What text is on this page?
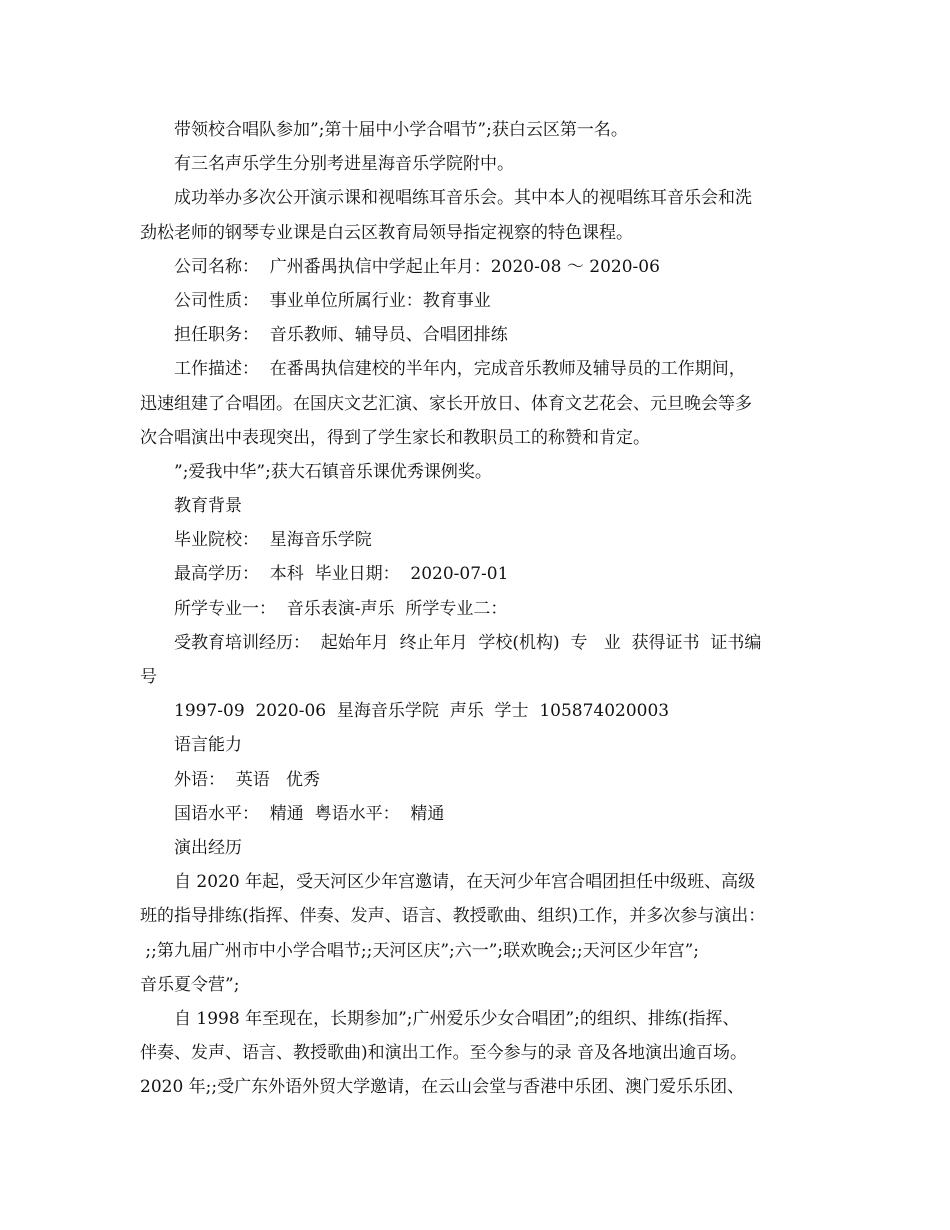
带领校合唱队参加”;第十届中小学合唱节”;获白云区第一名。
有三名声乐学生分别考进星海音乐学院附中。
成功举办多次公开演示课和视唱练耳音乐会。其中本人的视唱练耳音乐会和洗
劲松老师的钢琴专业课是白云区教育局领导指定视察的特色课程。
公司名称：  广州番禺执信中学起止年月：2020-08 ～ 2020-06
公司性质：  事业单位所属行业：教育事业
担任职务：  音乐教师、辅导员、合唱团排练
工作描述：  在番禺执信建校的半年内，完成音乐教师及辅导员的工作期间，
迅速组建了合唱团。在国庆文艺汇演、家长开放日、体育文艺花会、元旦晚会等多
次合唱演出中表现突出，得到了学生家长和教职员工的称赞和肯定。
”;爱我中华”;获大石镇音乐课优秀课例奖。
教育背景
毕业院校：  星海音乐学院
最高学历：  本科  毕业日期：  2020-07-01
所学专业一：  音乐表演-声乐  所学专业二：
受教育培训经历：  起始年月  终止年月  学校(机构)  专   业  获得证书  证书编
号
1997-09  2020-06  星海音乐学院  声乐  学士  105874020003
语言能力
外语：  英语   优秀
国语水平：  精通  粤语水平：  精通
演出经历
自 2020 年起，受天河区少年宫邀请，在天河少年宫合唱团担任中级班、高级
班的指导排练(指挥、伴奏、发声、语言、教授歌曲、组织)工作，并多次参与演出：
;;第九届广州市中小学合唱节;;天河区庆”;六一”;联欢晚会;;天河区少年宫”;
音乐夏令营”;
自 1998 年至现在，长期参加”;广州爱乐少女合唱团”;的组织、排练(指挥、
伴奏、发声、语言、教授歌曲)和演出工作。至今参与的录 音及各地演出逾百场。
2020 年;;受广东外语外贸大学邀请，在云山会堂与香港中乐团、澳门爱乐乐团、
